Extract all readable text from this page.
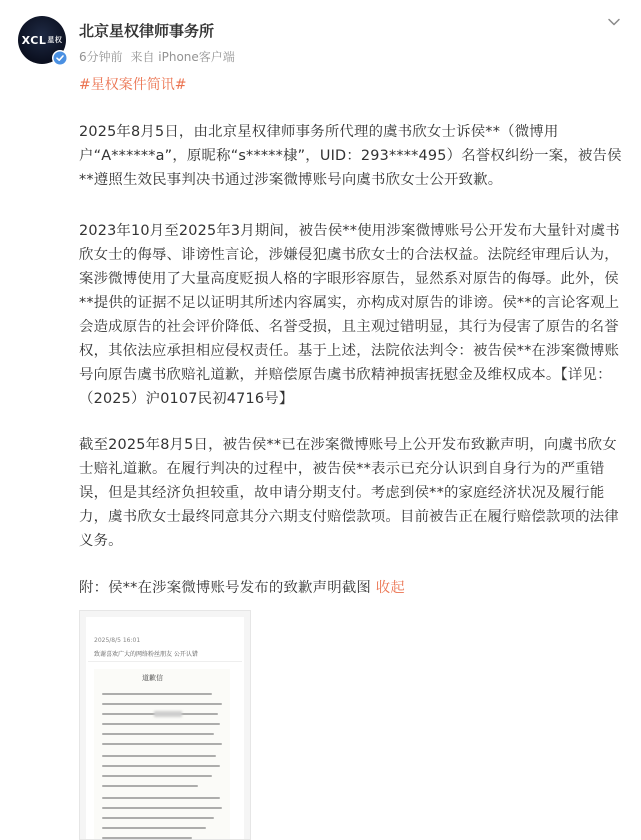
XCL 星权 北京星权律师事务所
6分钟前 来自 iPhone客户端
#星权案件简讯#
2025年8月5日，由北京星权律师事务所代理的虞书欣女士诉侯**（微博用户“A******a”，原昵称“s*****棣”，UID：293****495）名誉权纠纷一案，被告侯**遵照生效民事判决书通过涉案微博账号向虞书欣女士公开致歉。
2023年10月至2025年3月期间，被告侯**使用涉案微博账号公开发布大量针对虞书欣女士的侮辱、诽谤性言论，涉嫌侵犯虞书欣女士的合法权益。法院经审理后认为，案涉微博使用了大量高度贬损人格的字眼形容原告，显然系对原告的侮辱。此外，侯**提供的证据不足以证明其所述内容属实，亦构成对原告的诽谤。侯**的言论客观上会造成原告的社会评价降低、名誉受损，且主观过错明显，其行为侵害了原告的名誉权，其依法应承担相应侵权责任。基于上述，法院依法判令：被告侯**在涉案微博账号向原告虞书欣赔礼道歉，并赔偿原告虞书欣精神损害抚慰金及维权成本。【详见：（2025）沪0107民初4716号】
截至2025年8月5日，被告侯**已在涉案微博账号上公开发布致歉声明，向虞书欣女士赔礼道歉。在履行判决的过程中，被告侯**表示已充分认识到自身行为的严重错误，但是其经济负担较重，故申请分期支付。考虑到侯**的家庭经济状况及履行能力，虞书欣女士最终同意其分六期支付赔偿款项。目前被告正在履行赔偿款项的法律义务。
附：侯**在涉案微博账号发布的致歉声明截图 收起
2025/8/5 16:01
致谢喜欢广大的网络粉丝朋友 公开认错
道歉信
